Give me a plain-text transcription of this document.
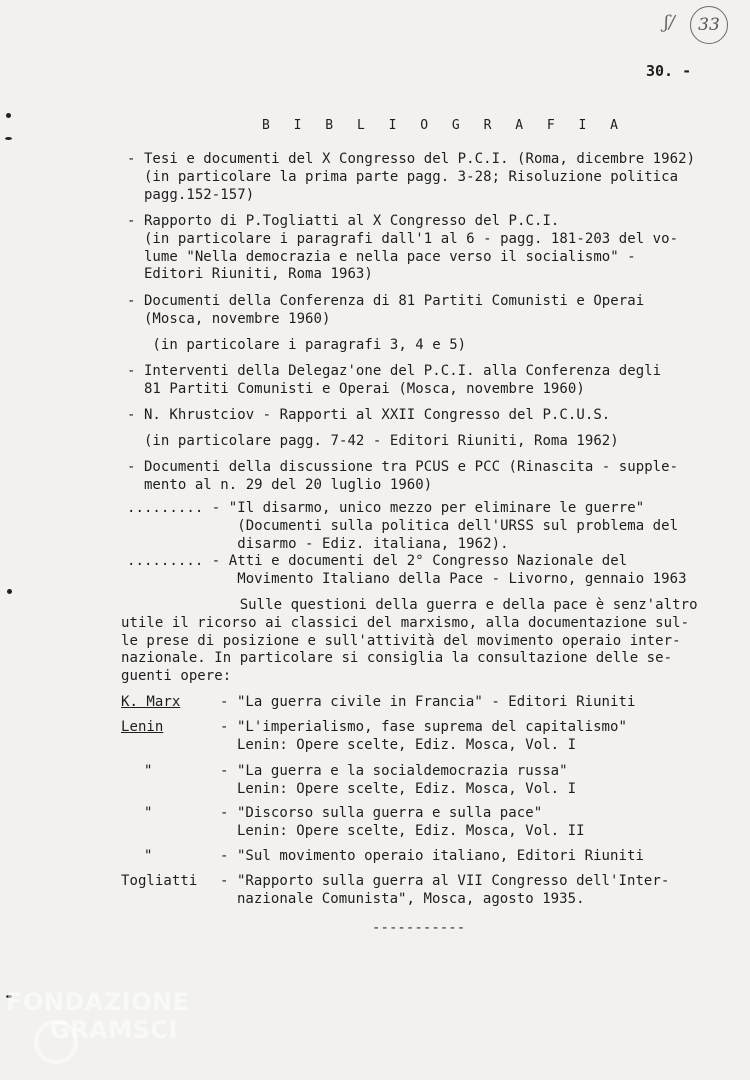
ʃ/	33
30. -
B I B L I O G R A F I A
- Tesi e documenti del X Congresso del P.C.I. (Roma, dicembre 1962)
(in particolare la prima parte pagg. 3-28; Risoluzione politica
pagg.152-157)
- Rapporto di P.Togliatti al X Congresso del P.C.I.
(in particolare i paragrafi dall'1 al 6 - pagg. 181-203 del vo-
lume "Nella democrazia e nella pace verso il socialismo" -
Editori Riuniti, Roma 1963)
- Documenti della Conferenza di 81 Partiti Comunisti e Operai
(Mosca, novembre 1960)
(in particolare i paragrafi 3, 4 e 5)
- Interventi della Delegaz'one del P.C.I. alla Conferenza degli
81 Partiti Comunisti e Operai (Mosca, novembre 1960)
- N. Khrustciov - Rapporti al XXII Congresso del P.C.U.S.
(in particolare pagg. 7-42 - Editori Riuniti, Roma 1962)
- Documenti della discussione tra PCUS e PCC (Rinascita - supple-
mento al n. 29 del 20 luglio 1960)
......... - "Il disarmo, unico mezzo per eliminare le guerre"
(Documenti sulla politica dell'URSS sul problema del
disarmo - Ediz. italiana, 1962).
......... - Atti e documenti del 2° Congresso Nazionale del
Movimento Italiano della Pace - Livorno, gennaio 1963
Sulle questioni della guerra e della pace è senz'altro
utile il ricorso ai classici del marxismo, alla documentazione sul-
le prese di posizione e sull'attività del movimento operaio inter-
nazionale. In particolare si consiglia la consultazione delle se-
guenti opere:
K. Marx	- "La guerra civile in Francia" - Editori Riuniti
Lenin	- "L'imperialismo, fase suprema del capitalismo"
Lenin: Opere scelte, Ediz. Mosca, Vol. I
"	- "La guerra e la socialdemocrazia russa"
Lenin: Opere scelte, Ediz. Mosca, Vol. I
"	- "Discorso sulla guerra e sulla pace"
Lenin: Opere scelte, Ediz. Mosca, Vol. II
"	- "Sul movimento operaio italiano, Editori Riuniti
Togliatti - "Rapporto sulla guerra al VII Congresso dell'Inter-
nazionale Comunista", Mosca, agosto 1935.
-----------
FONDAZIONE
GRAMSCI
